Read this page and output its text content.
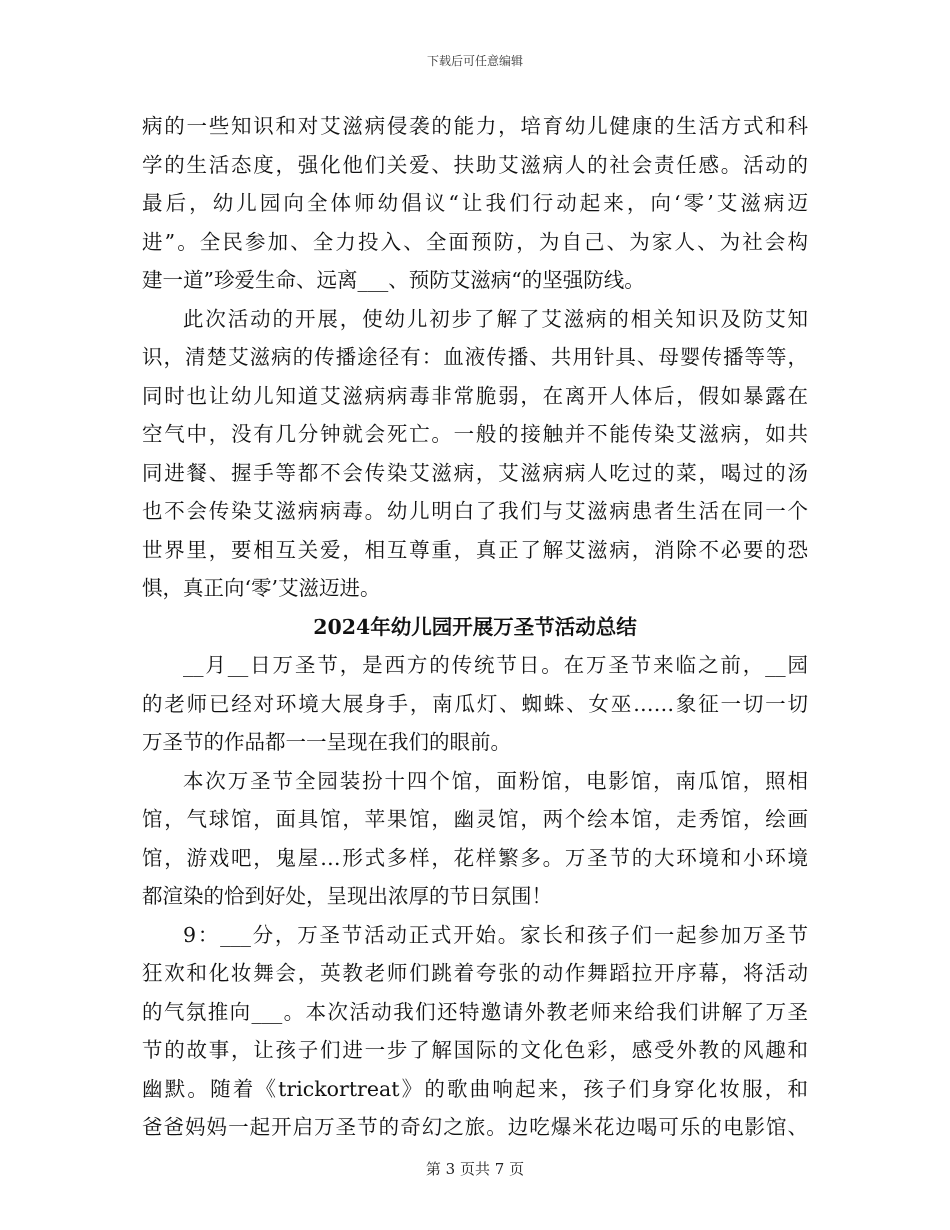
下载后可任意编辑
病的一些知识和对艾滋病侵袭的能力，培育幼儿健康的生活方式和科
学的生活态度，强化他们关爱、扶助艾滋病人的社会责任感。活动的
最后，幼儿园向全体师幼倡议“让我们行动起来，向‘零’艾滋病迈
进”。全民参加、全力投入、全面预防，为自己、为家人、为社会构
建一道”珍爱生命、远离___、预防艾滋病“的坚强防线。
此次活动的开展，使幼儿初步了解了艾滋病的相关知识及防艾知
识，清楚艾滋病的传播途径有：血液传播、共用针具、母婴传播等等，
同时也让幼儿知道艾滋病病毒非常脆弱，在离开人体后，假如暴露在
空气中，没有几分钟就会死亡。一般的接触并不能传染艾滋病，如共
同进餐、握手等都不会传染艾滋病，艾滋病病人吃过的菜，喝过的汤
也不会传染艾滋病病毒。幼儿明白了我们与艾滋病患者生活在同一个
世界里，要相互关爱，相互尊重，真正了解艾滋病，消除不必要的恐
惧，真正向‘零’艾滋迈进。
2024年幼儿园开展万圣节活动总结
__月__日万圣节，是西方的传统节日。在万圣节来临之前，__园
的老师已经对环境大展身手，南瓜灯、蜘蛛、女巫……象征一切一切
万圣节的作品都一一呈现在我们的眼前。
本次万圣节全园装扮十四个馆，面粉馆，电影馆，南瓜馆，照相
馆，气球馆，面具馆，苹果馆，幽灵馆，两个绘本馆，走秀馆，绘画
馆，游戏吧，鬼屋…形式多样，花样繁多。万圣节的大环境和小环境
都渲染的恰到好处，呈现出浓厚的节日氛围！
9：___分，万圣节活动正式开始。家长和孩子们一起参加万圣节
狂欢和化妆舞会，英教老师们跳着夸张的动作舞蹈拉开序幕，将活动
的气氛推向___。本次活动我们还特邀请外教老师来给我们讲解了万圣
节的故事，让孩子们进一步了解国际的文化色彩，感受外教的风趣和
幽默。随着《trickortreat》的歌曲响起来，孩子们身穿化妆服，和
爸爸妈妈一起开启万圣节的奇幻之旅。边吃爆米花边喝可乐的电影馆、
第 3 页共 7 页
